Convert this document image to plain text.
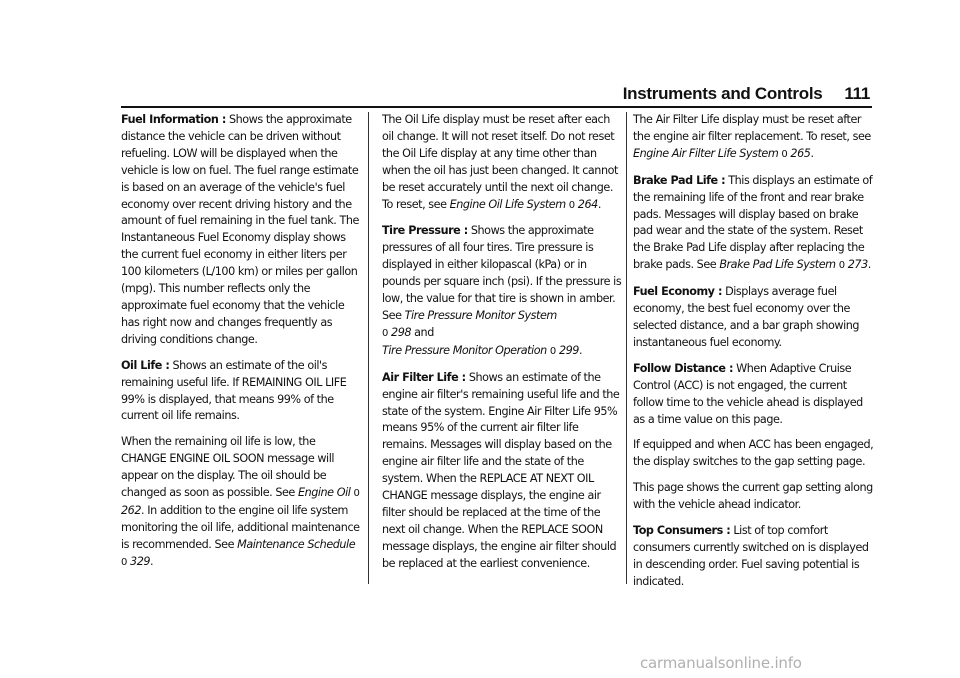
Instruments and Controls 111

Fuel Information : Shows the approximate distance the vehicle can be driven without refueling. LOW will be displayed when the vehicle is low on fuel. The fuel range estimate is based on an average of the vehicle's fuel economy over recent driving history and the amount of fuel remaining in the fuel tank. The Instantaneous Fuel Economy display shows the current fuel economy in either liters per 100 kilometers (L/100 km) or miles per gallon (mpg). This number reflects only the approximate fuel economy that the vehicle has right now and changes frequently as driving conditions change.

Oil Life : Shows an estimate of the oil's remaining useful life. If REMAINING OIL LIFE 99% is displayed, that means 99% of the current oil life remains.

When the remaining oil life is low, the CHANGE ENGINE OIL SOON message will appear on the display. The oil should be changed as soon as possible. See Engine Oil 0 262. In addition to the engine oil life system monitoring the oil life, additional maintenance is recommended. See Maintenance Schedule 0 329.

The Oil Life display must be reset after each oil change. It will not reset itself. Do not reset the Oil Life display at any time other than when the oil has just been changed. It cannot be reset accurately until the next oil change. To reset, see Engine Oil Life System 0 264.

Tire Pressure : Shows the approximate pressures of all four tires. Tire pressure is displayed in either kilopascal (kPa) or in pounds per square inch (psi). If the pressure is low, the value for that tire is shown in amber. See Tire Pressure Monitor System
0 298 and
Tire Pressure Monitor Operation 0 299.

Air Filter Life : Shows an estimate of the engine air filter's remaining useful life and the state of the system. Engine Air Filter Life 95% means 95% of the current air filter life remains. Messages will display based on the engine air filter life and the state of the system. When the REPLACE AT NEXT OIL CHANGE message displays, the engine air filter should be replaced at the time of the next oil change. When the REPLACE SOON message displays, the engine air filter should be replaced at the earliest convenience.

The Air Filter Life display must be reset after the engine air filter replacement. To reset, see Engine Air Filter Life System 0 265.

Brake Pad Life : This displays an estimate of the remaining life of the front and rear brake pads. Messages will display based on brake pad wear and the state of the system. Reset the Brake Pad Life display after replacing the brake pads. See Brake Pad Life System 0 273.

Fuel Economy : Displays average fuel economy, the best fuel economy over the selected distance, and a bar graph showing instantaneous fuel economy.

Follow Distance : When Adaptive Cruise Control (ACC) is not engaged, the current follow time to the vehicle ahead is displayed as a time value on this page.

If equipped and when ACC has been engaged, the display switches to the gap setting page.

This page shows the current gap setting along with the vehicle ahead indicator.

Top Consumers : List of top comfort consumers currently switched on is displayed in descending order. Fuel saving potential is indicated.

carmanualsonline.info
